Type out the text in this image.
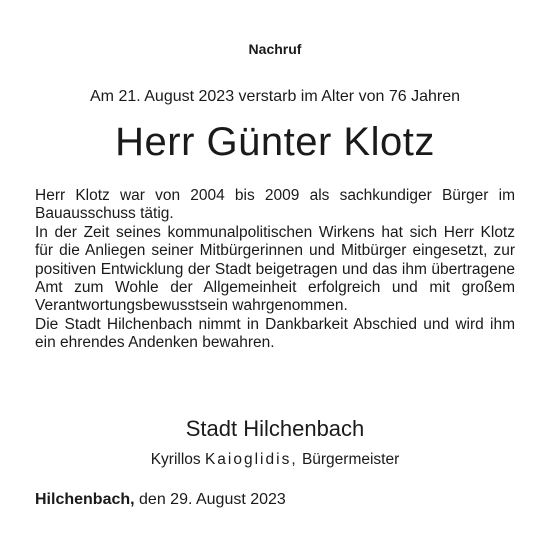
Nachruf
Am 21. August 2023 verstarb im Alter von 76 Jahren
Herr Günter Klotz

Herr Klotz war von 2004 bis 2009 als sachkundiger Bürger im Bauausschuss tätig.

In der Zeit seines kommunalpolitischen Wirkens hat sich Herr Klotz für die Anliegen seiner Mitbürgerinnen und Mitbürger eingesetzt, zur positiven Entwicklung der Stadt beigetragen und das ihm übertragene Amt zum Wohle der Allgemeinheit erfolgreich und mit großem Verantwortungsbewusstsein wahrgenommen.

Die Stadt Hilchenbach nimmt in Dankbarkeit Abschied und wird ihm ein ehrendes Andenken bewahren.

Stadt Hilchenbach
Kyrillos Kaioglidis, Bürgermeister
Hilchenbach, den 29. August 2023
